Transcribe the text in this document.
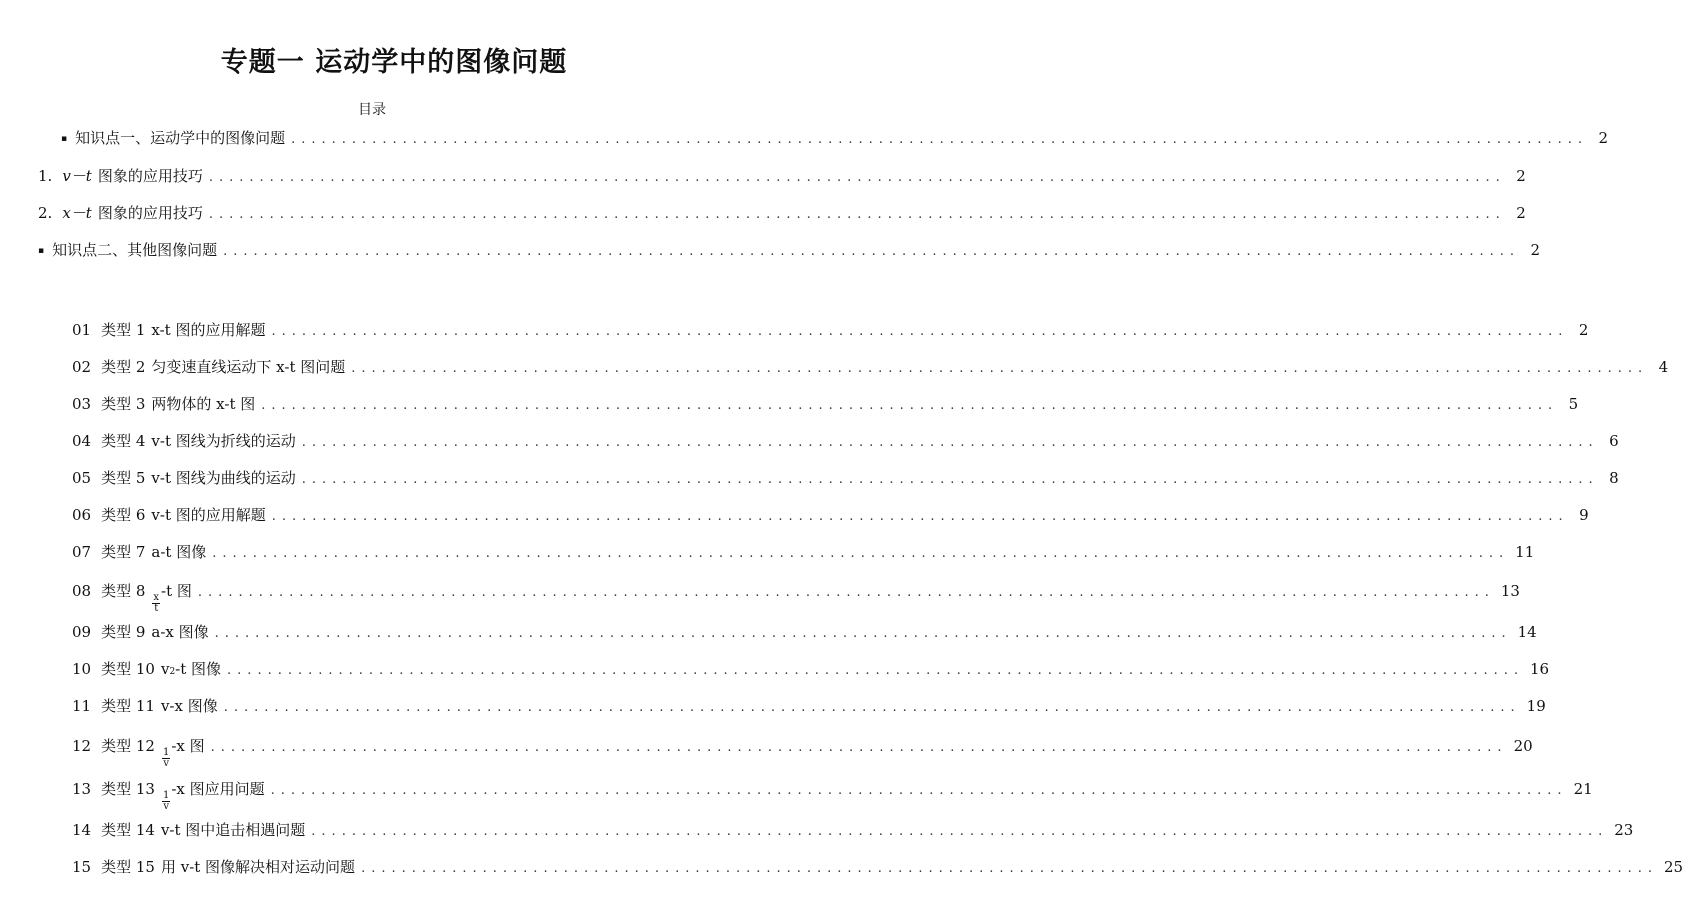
专题一 运动学中的图像问题
目录
▪ 知识点一、运动学中的图像问题 ................................................................................................................................ 2
1. v－t 图象的应用技巧 ................................................................................................................................ 2
2. x－t 图象的应用技巧 ................................................................................................................................ 2
▪ 知识点二、其他图像问题 ................................................................................................................................ 2
01 类型 1 x-t 图的应用解题 ................................................................................................................................ 2
02 类型 2 匀变速直线运动下 x-t 图问题 ................................................................................................................................ 4
03 类型 3 两物体的 x-t 图 ................................................................................................................................ 5
04 类型 4 v-t 图线为折线的运动 ................................................................................................................................ 6
05 类型 5 v-t 图线为曲线的运动 ................................................................................................................................ 8
06 类型 6 v-t 图的应用解题 ................................................................................................................................ 9
07 类型 7 a-t 图像 ................................................................................................................................ 11
08 类型 8
$\frac{x}{t}$
-t 图 ................................................................................................................................ 13
09 类型 9 a-x 图像 ................................................................................................................................ 14
10 类型 10 $v_2$ -t 图像 ................................................................................................................................ 16
11 类型 11 v-x 图像 ................................................................................................................................ 19
12 类型 12
$\frac{1}{v}$
-x 图 ................................................................................................................................ 20
13 类型 13
$\frac{1}{v}$
-x 图应用问题 ................................................................................................................................ 21
14 类型 14 v-t 图中追击相遇问题 ................................................................................................................................ 23
15 类型 15 用 v-t 图像解决相对运动问题 ................................................................................................................................ 25
